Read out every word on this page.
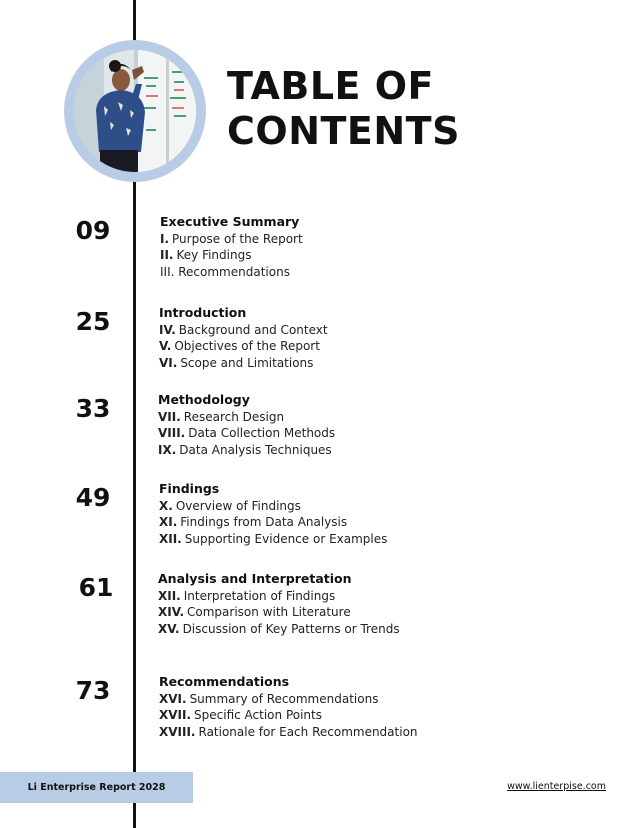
TABLE OF
CONTENTS
09	Executive Summary
I. Purpose of the Report
II. Key Findings
III. Recommendations
25	Introduction
IV. Background and Context
V. Objectives of the Report
VI. Scope and Limitations
33	Methodology
VII. Research Design
VIII. Data Collection Methods
IX. Data Analysis Techniques
49	Findings
X. Overview of Findings
XI. Findings from Data Analysis
XII. Supporting Evidence or Examples
61	Analysis and Interpretation
XII. Interpretation of Findings
XIV. Comparison with Literature
XV. Discussion of Key Patterns or Trends
73	Recommendations
XVI. Summary of Recommendations
XVII. Specific Action Points
XVIII. Rationale for Each Recommendation
Li Enterprise Report 2028	www.lienterpise.com
